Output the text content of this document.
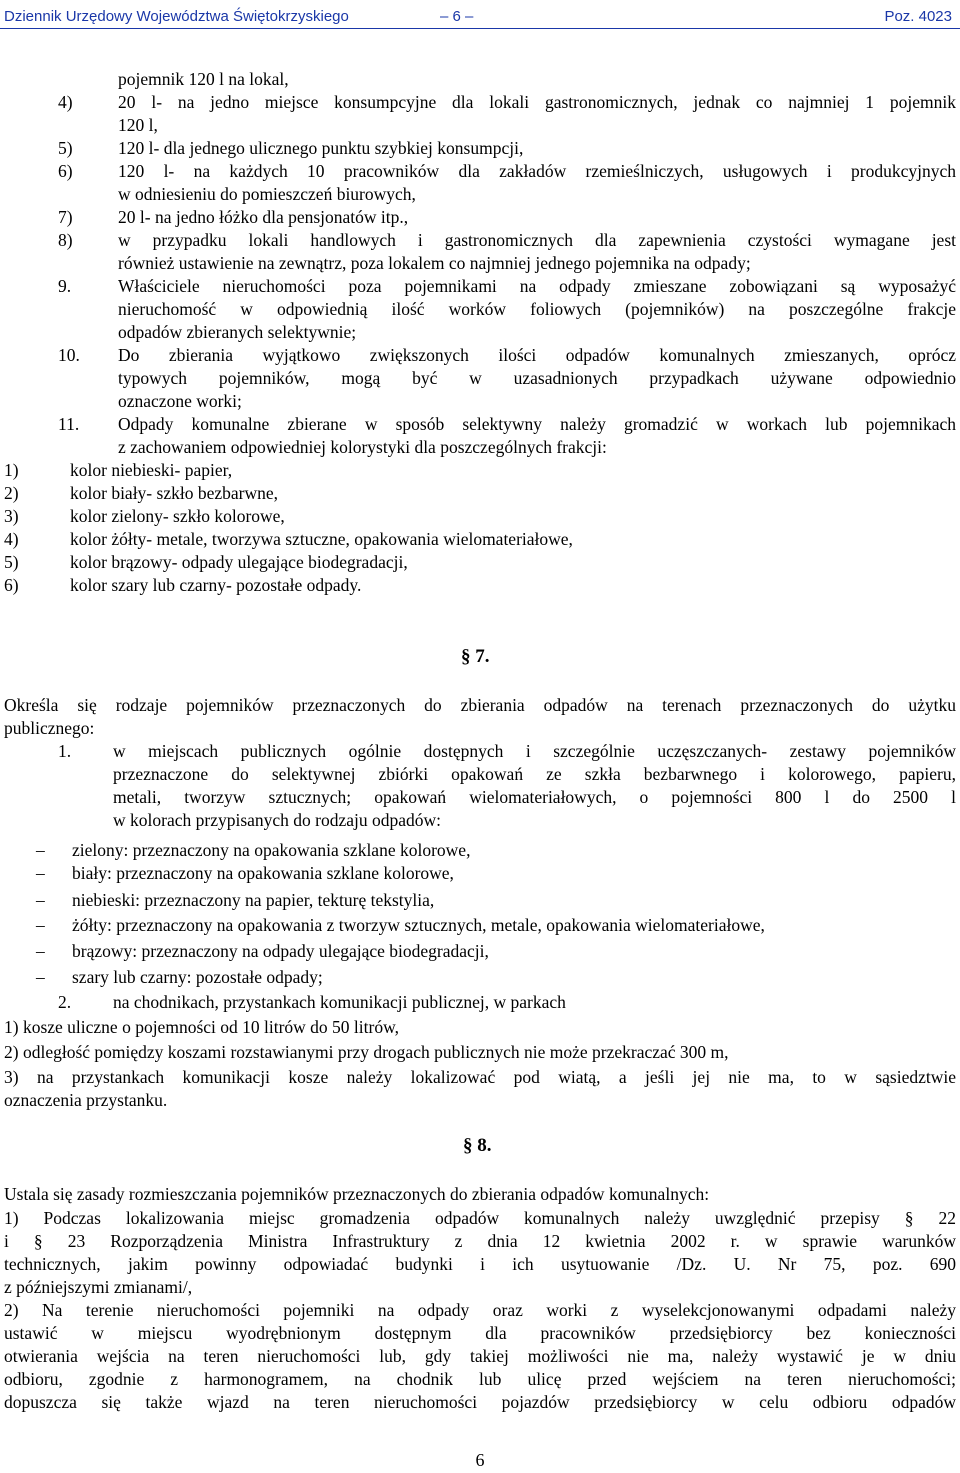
Dziennik Urzędowy Województwa Świętokrzyskiego	– 6 –	Poz. 4023
pojemnik 120 l na lokal,
4)	20 l- na jedno miejsce konsumpcyjne dla lokali gastronomicznych, jednak co najmniej 1 pojemnik
120 l,
5)	120 l- dla jednego ulicznego punktu szybkiej konsumpcji,
6)	120 l- na każdych 10 pracowników dla zakładów rzemieślniczych, usługowych i produkcyjnych
w odniesieniu do pomieszczeń biurowych,
7)	20 l- na jedno łóżko dla pensjonatów itp.,
8)	w przypadku lokali handlowych i gastronomicznych dla zapewnienia czystości wymagane jest
również ustawienie na zewnątrz, poza lokalem co najmniej jednego pojemnika na odpady;
9.	Właściciele nieruchomości poza pojemnikami na odpady zmieszane zobowiązani są wyposażyć
nieruchomość w odpowiednią ilość worków foliowych (pojemników) na poszczególne frakcje
odpadów zbieranych selektywnie;
10. Do zbierania wyjątkowo zwiększonych ilości odpadów komunalnych zmieszanych, oprócz
typowych pojemników, mogą być w uzasadnionych przypadkach używane odpowiednio
oznaczone worki;
11. Odpady komunalne zbierane w sposób selektywny należy gromadzić w workach lub pojemnikach
z zachowaniem odpowiedniej kolorystyki dla poszczególnych frakcji:
1)	kolor niebieski- papier,
2)	kolor biały- szkło bezbarwne,
3)	kolor zielony- szkło kolorowe,
4)	kolor żółty- metale, tworzywa sztuczne, opakowania wielomateriałowe,
5)	kolor brązowy- odpady ulegające biodegradacji,
6)	kolor szary lub czarny- pozostałe odpady.
§ 7.
Określa się rodzaje pojemników przeznaczonych do zbierania odpadów na terenach przeznaczonych do użytku
publicznego:
1. w miejscach publicznych ogólnie dostępnych i szczególnie uczęszczanych- zestawy pojemników
przeznaczone do selektywnej zbiórki opakowań ze szkła bezbarwnego i kolorowego, papieru,
metali, tworzyw sztucznych; opakowań wielomateriałowych, o pojemności 800 l do 2500 l
w kolorach przypisanych do rodzaju odpadów:
– zielony: przeznaczony na opakowania szklane kolorowe,
– biały: przeznaczony na opakowania szklane kolorowe,
– niebieski: przeznaczony na papier, tekturę tekstylia,
– żółty: przeznaczony na opakowania z tworzyw sztucznych, metale, opakowania wielomateriałowe,
– brązowy: przeznaczony na odpady ulegające biodegradacji,
– szary lub czarny: pozostałe odpady;
2. na chodnikach, przystankach komunikacji publicznej, w parkach
1) kosze uliczne o pojemności od 10 litrów do 50 litrów,
2) odległość pomiędzy koszami rozstawianymi przy drogach publicznych nie może przekraczać 300 m,
3) na przystankach komunikacji kosze należy lokalizować pod wiatą, a jeśli jej nie ma, to w sąsiedztwie
oznaczenia przystanku.
§ 8.
Ustala się zasady rozmieszczania pojemników przeznaczonych do zbierania odpadów komunalnych:
1) Podczas lokalizowania miejsc gromadzenia odpadów komunalnych należy uwzględnić przepisy § 22
i § 23 Rozporządzenia Ministra Infrastruktury z dnia 12 kwietnia 2002 r. w sprawie warunków
technicznych, jakim powinny odpowiadać budynki i ich usytuowanie /Dz. U. Nr 75, poz. 690
z późniejszymi zmianami/,
2) Na terenie nieruchomości pojemniki na odpady oraz worki z wyselekcjonowanymi odpadami należy
ustawić w miejscu wyodrębnionym dostępnym dla pracowników przedsiębiorcy bez konieczności
otwierania wejścia na teren nieruchomości lub, gdy takiej możliwości nie ma, należy wystawić je w dniu
odbioru, zgodnie z harmonogramem, na chodnik lub ulicę przed wejściem na teren nieruchomości;
dopuszcza się także wjazd na teren nieruchomości pojazdów przedsiębiorcy w celu odbioru odpadów
6
